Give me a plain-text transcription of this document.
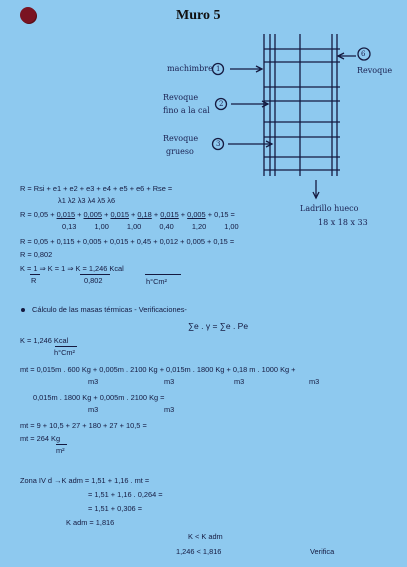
Muro 5
machimbre 1
Revoque
fino a la cal
2
Revoque
grueso
3
6
Revoque
Ladrillo hueco
18 x 18 x 33
R = Rsi + e1 + e2 + e3 + e4 + e5 + e6 + Rse =
λ1 λ2 λ3 λ4 λ5 λ6
R = 0,05 + 0,015 + 0,005 + 0,015 + 0,18 + 0,015 + 0,005 + 0,15 =
0,13 1,00 1,00 0,40 1,20 1,00
R = 0,05 + 0,115 + 0,005 + 0,015 + 0,45 + 0,012 + 0,005 + 0,15 =
R = 0,802
K = 1 ⇒ K = 1 ⇒ K = 1,246 Kcal
R	0,802	h°Cm²
Cálculo de las masas térmicas - Verificaciones-
∑e . γ = ∑e . Pe
K = 1,246 Kcal
h°Cm²
mt = 0,015m . 600 Kg + 0,005m . 2100 Kg + 0,015m . 1800 Kg + 0,18 m . 1000 Kg +
m3	m3	m3	m3
0,015m . 1800 Kg + 0,005m . 2100 Kg =
m3	m3
mt = 9 + 10,5 + 27 + 180 + 27 + 10,5 =
mt = 264 Kg
m²
Zona IV d →K adm = 1,51 + 1,16 . mt =
= 1,51 + 1,16 . 0,264 =
= 1,51 + 0,306 =
K adm = 1,816
K < K adm
1,246 < 1,816	Verifica
